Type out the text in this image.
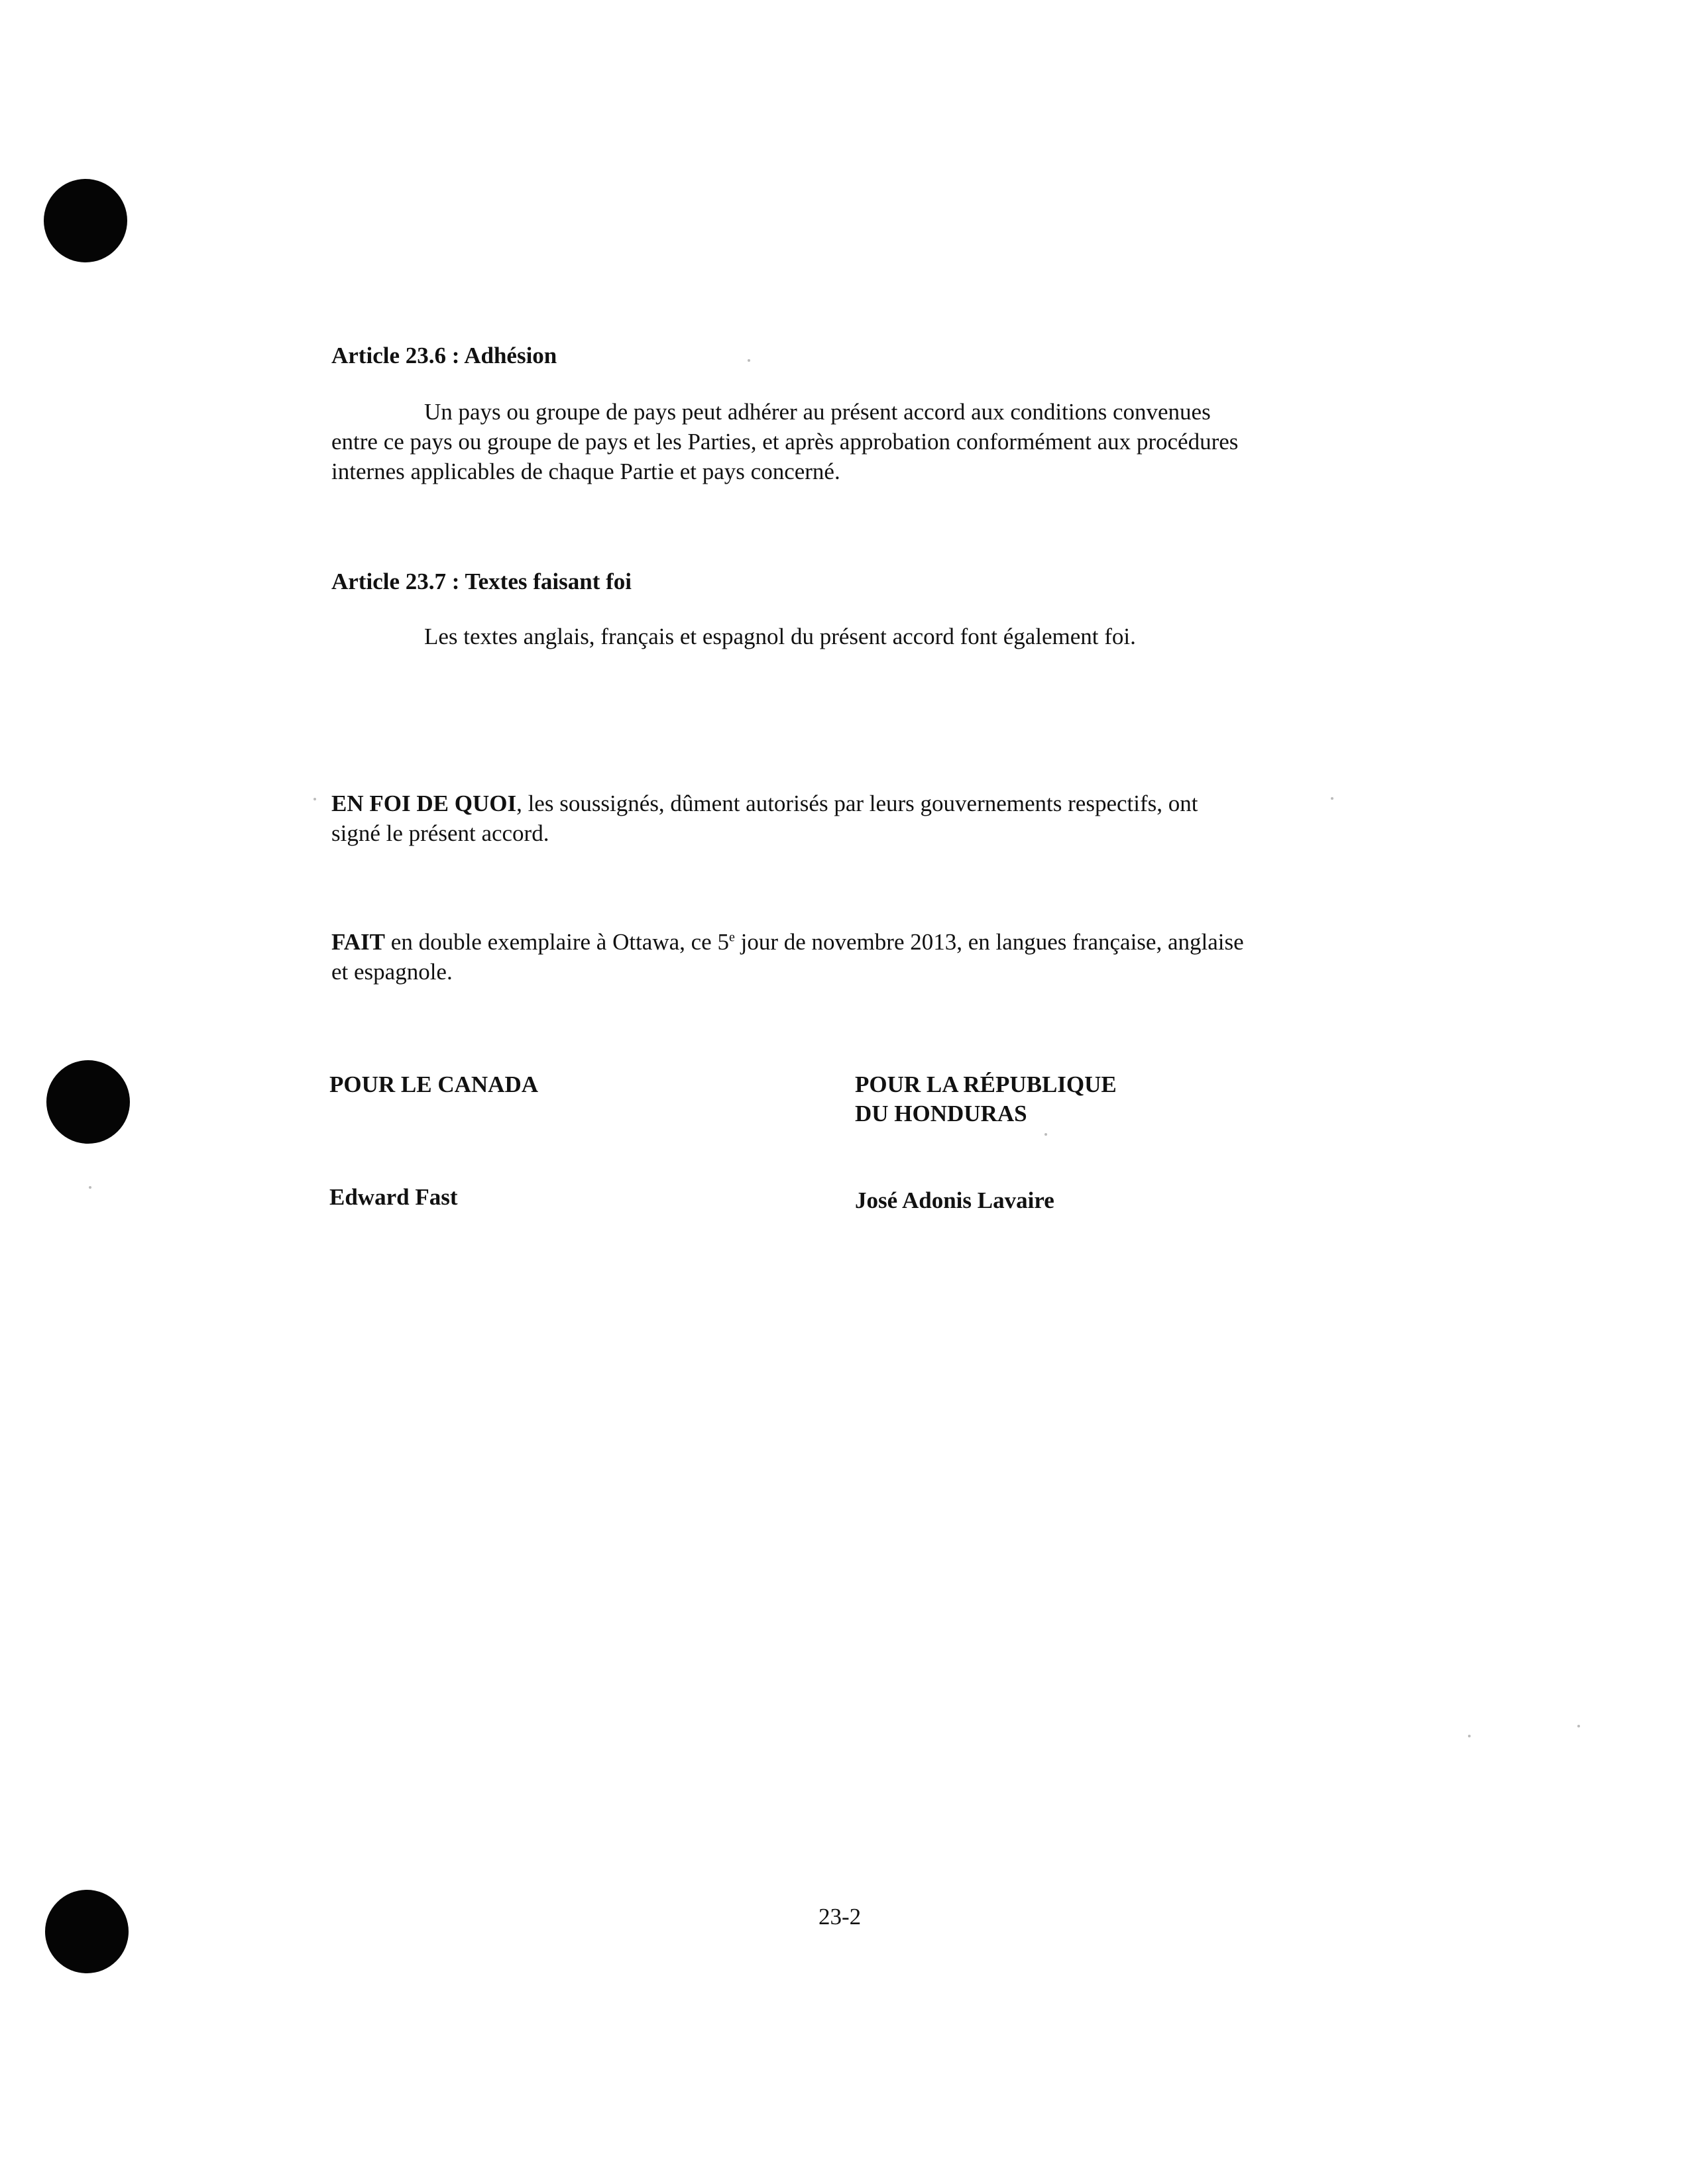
Article 23.6 : Adhésion
Un pays ou groupe de pays peut adhérer au présent accord aux conditions convenues
entre ce pays ou groupe de pays et les Parties, et après approbation conformément aux procédures
internes applicables de chaque Partie et pays concerné.
Article 23.7 : Textes faisant foi
Les textes anglais, français et espagnol du présent accord font également foi.
EN FOI DE QUOI, les soussignés, dûment autorisés par leurs gouvernements respectifs, ont
signé le présent accord.
FAIT en double exemplaire à Ottawa, ce 5e jour de novembre 2013, en langues française, anglaise
et espagnole.
POUR LE CANADA	POUR LA RÉPUBLIQUE
DU HONDURAS
Edward Fast	José Adonis Lavaire
23-2
